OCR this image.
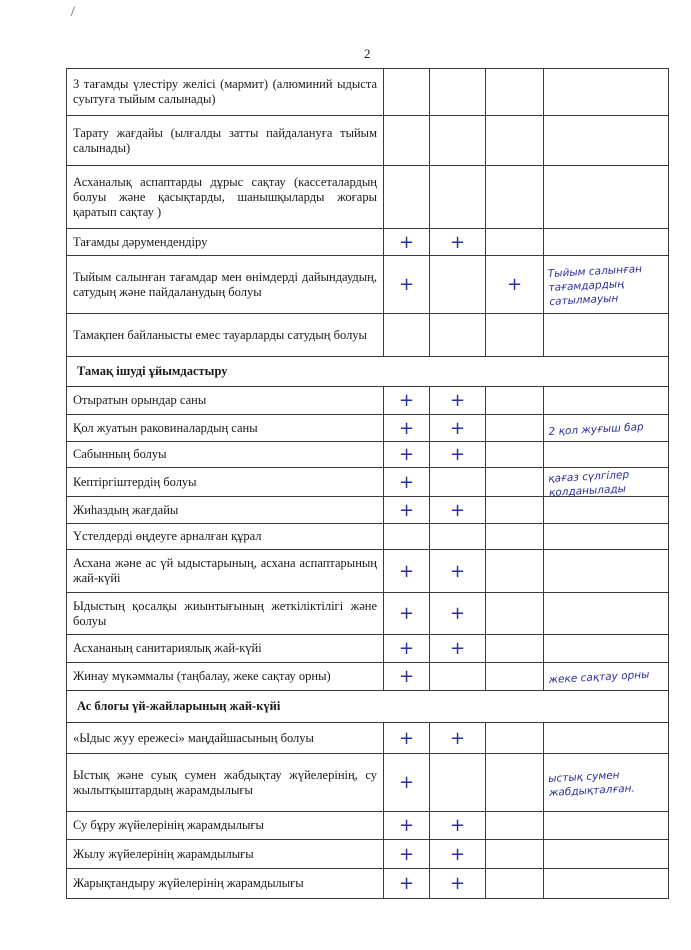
2
3 тағамды үлестіру желісі (мармит) (алюминий ыдыста суытуға тыйым салынады)				
Тарату жағдайы (ылғалды затты пайдалануға тыйым салынады)				
Асханалық аспаптарды дұрыс сақтау (кассеталардың болуы және қасықтарды, шанышқыларды жоғары қаратып сақтау )				
Тағамды дәрумендендіру	+	+		
Тыйым салынған тағамдар мен өнімдерді дайындаудың, сатудың және пайдаланудың болуы	+		+	Тыйым салынған тағамдардың сатылмауын
Тамақпен байланысты емес тауарларды сатудың болуы				
Тамақ ішуді ұйымдастыру				
Отыратын орындар саны	+	+		
Қол жуатын раковиналардың саны	+	+		2 қол жуғыш бар
Сабынның болуы	+	+		
Кептіргіштердің болуы	+			қағаз сүлгілер қолданылады
Жиһаздың жағдайы	+	+		
Үстелдерді өңдеуге арналған құрал				
Асхана және ас үй ыдыстарының, асхана аспаптарының жай-күйі	+	+		
Ыдыстың қосалқы жиынтығының жеткіліктілігі және болуы	+	+		
Асхананың санитариялық жай-күйі	+	+		
Жинау мүкәммалы (таңбалау, жеке сақтау орны)	+			жеке сақтау орны
Ас блогы үй-жайларының жай-күйі				
«Ыдыс жуу ережесі» маңдайшасының болуы	+	+		
Ыстық және суық сумен жабдықтау жүйелерінің, су жылытқыштардың жарамдылығы	+			ыстық сумен жабдықталған.
Су бұру жүйелерінің жарамдылығы	+	+		
Жылу жүйелерінің жарамдылығы	+	+		
Жарықтандыру жүйелерінің жарамдылығы	+	+		
